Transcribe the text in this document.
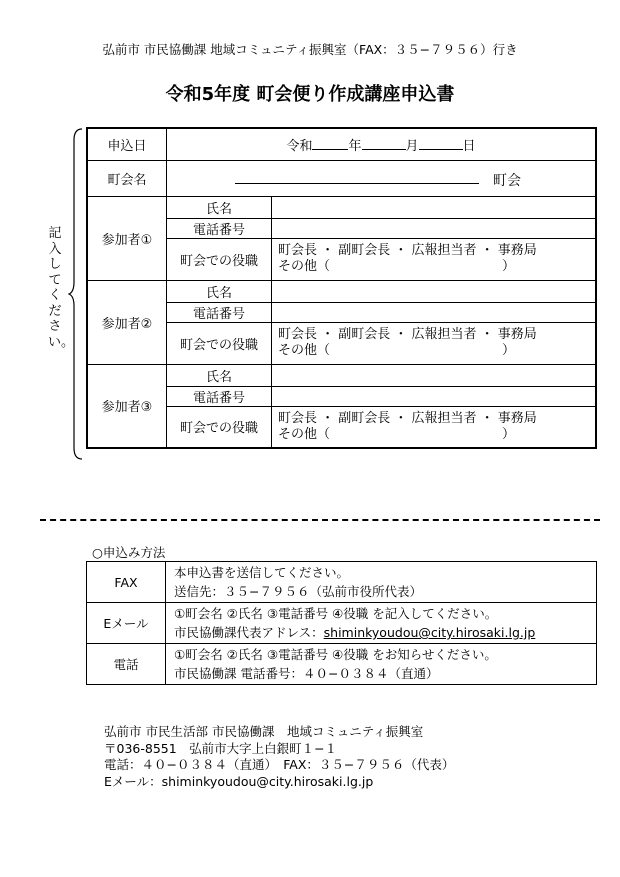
弘前市 市民協働課 地域コミュニティ振興室（FAX：３５−７９５６）行き
令和5年度 町会便り作成講座申込書
記入してください。
申込日	令和 年 月 日	
町会名	町会	

参加者①	氏名	
	電話番号	
	町会での役職	町会長 ・ 副町会長 ・ 広報担当者 ・ 事務局
その他（ ）

参加者②	氏名	
	電話番号	
	町会での役職	町会長 ・ 副町会長 ・ 広報担当者 ・ 事務局
その他（ ）

参加者③	氏名	
	電話番号	
	町会での役職	町会長 ・ 副町会長 ・ 広報担当者 ・ 事務局
その他（ ）
○申込み方法
FAX	本申込書を送信してください。
送信先：３５−７９５６（弘前市役所代表）

Eメール	①町会名 ②氏名 ③電話番号 ④役職 を記入してください。
市民協働課代表アドレス：shiminkyoudou@city.hirosaki.lg.jp

電話	①町会名 ②氏名 ③電話番号 ④役職 をお知らせください。
市民協働課 電話番号：４０−０３８４（直通）
弘前市 市民生活部 市民協働課　地域コミュニティ振興室
〒036-8551　弘前市大字上白銀町１−１
電話：４０−０３８４（直通）　FAX：３５−７９５６（代表）
Eメール：shiminkyoudou@city.hirosaki.lg.jp
